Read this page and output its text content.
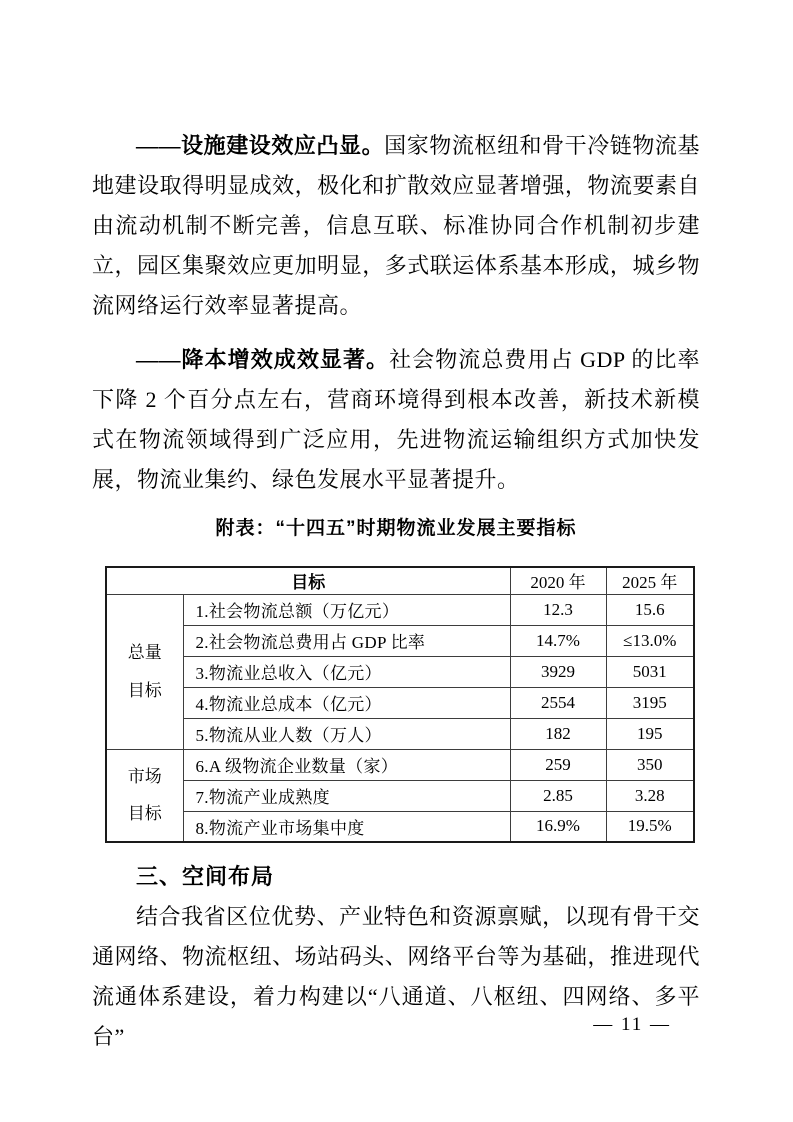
——设施建设效应凸显。国家物流枢纽和骨干冷链物流基地建设取得明显成效，极化和扩散效应显著增强，物流要素自由流动机制不断完善，信息互联、标准协同合作机制初步建立，园区集聚效应更加明显，多式联运体系基本形成，城乡物流网络运行效率显著提高。

——降本增效成效显著。社会物流总费用占 GDP 的比率下降 2 个百分点左右，营商环境得到根本改善，新技术新模式在物流领域得到广泛应用，先进物流运输组织方式加快发展，物流业集约、绿色发展水平显著提升。

附表：“十四五”时期物流业发展主要指标
目标		2020 年	2025 年
总量目标	1.社会物流总额（万亿元）	12.3	15.6
	2.社会物流总费用占 GDP 比率	14.7%	≤13.0%
	3.物流业总收入（亿元）	3929	5031
	4.物流业总成本（亿元）	2554	3195
	5.物流从业人数（万人）	182	195
市场目标	6.A 级物流企业数量（家）	259	350
	7.物流产业成熟度	2.85	3.28
	8.物流产业市场集中度	16.9%	19.5%
三、空间布局

结合我省区位优势、产业特色和资源禀赋，以现有骨干交通网络、物流枢纽、场站码头、网络平台等为基础，推进现代流通体系建设，着力构建以“八通道、八枢纽、四网络、多平台”	— 11 —
